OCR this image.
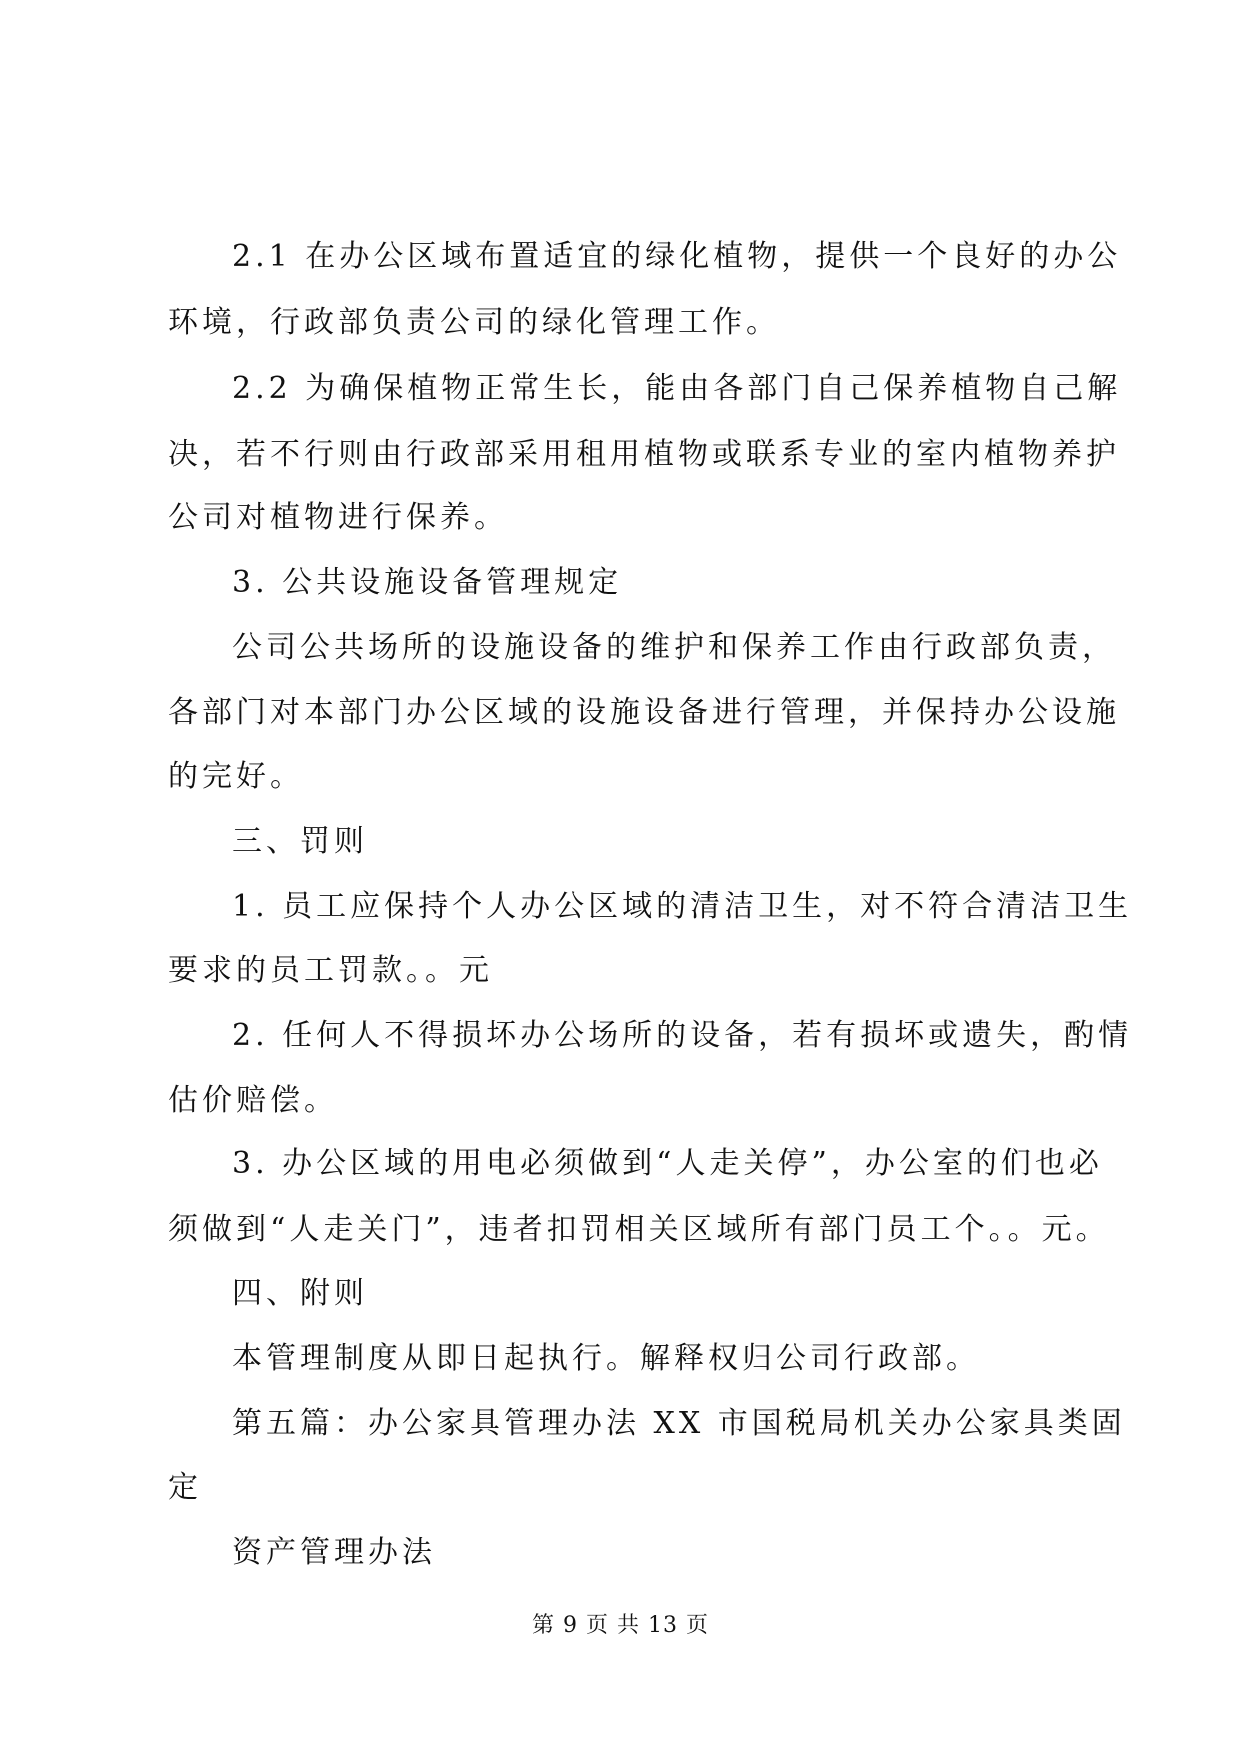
2.1 在办公区域布置适宜的绿化植物，提供一个良好的办公

环境，行政部负责公司的绿化管理工作。

2.2 为确保植物正常生长，能由各部门自己保养植物自己解

决，若不行则由行政部采用租用植物或联系专业的室内植物养护

公司对植物进行保养。

3. 公共设施设备管理规定

公司公共场所的设施设备的维护和保养工作由行政部负责，

各部门对本部门办公区域的设施设备进行管理，并保持办公设施

的完好。

三、罚则

1. 员工应保持个人办公区域的清洁卫生，对不符合清洁卫生

要求的员工罚款。。元

2. 任何人不得损坏办公场所的设备，若有损坏或遗失，酌情

估价赔偿。

3. 办公区域的用电必须做到“人走关停”，办公室的们也必

须做到“人走关门”，违者扣罚相关区域所有部门员工个。。元。

四、附则

本管理制度从即日起执行。解释权归公司行政部。

第五篇：办公家具管理办法 XX 市国税局机关办公家具类固

定

资产管理办法

第 9 页 共 13 页
